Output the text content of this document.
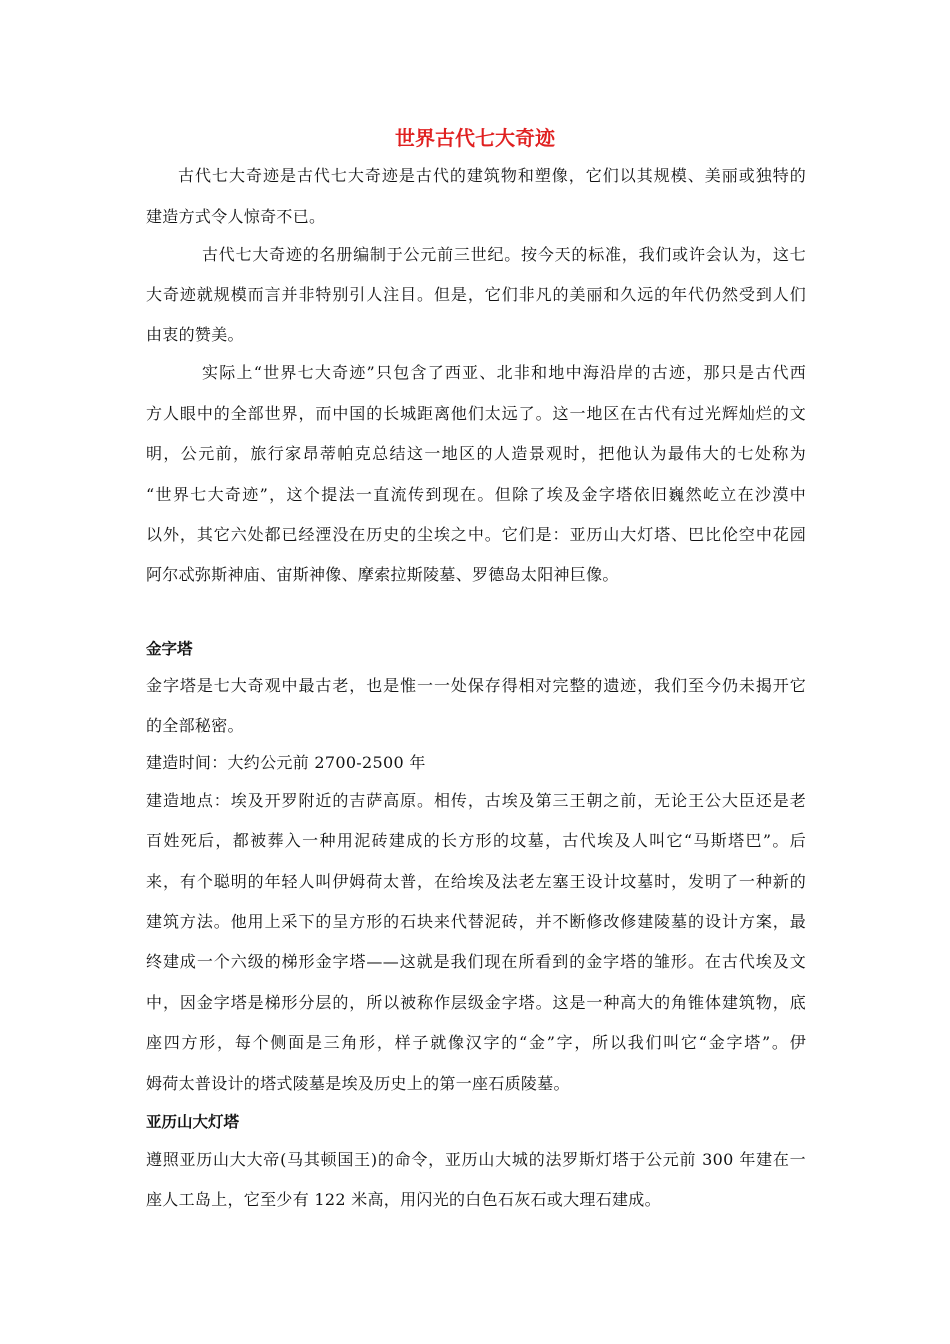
世界古代七大奇迹
古代七大奇迹是古代七大奇迹是古代的建筑物和塑像，它们以其规模、美丽或独特的
建造方式令人惊奇不已。
古代七大奇迹的名册编制于公元前三世纪。按今天的标准，我们或许会认为，这七
大奇迹就规模而言并非特别引人注目。但是，它们非凡的美丽和久远的年代仍然受到人们
由衷的赞美。
实际上“世界七大奇迹”只包含了西亚、北非和地中海沿岸的古迹，那只是古代西
方人眼中的全部世界，而中国的长城距离他们太远了。这一地区在古代有过光辉灿烂的文
明，公元前，旅行家昂蒂帕克总结这一地区的人造景观时，把他认为最伟大的七处称为
“世界七大奇迹”，这个提法一直流传到现在。但除了埃及金字塔依旧巍然屹立在沙漠中
以外，其它六处都已经湮没在历史的尘埃之中。它们是：亚历山大灯塔、巴比伦空中花园
阿尔忒弥斯神庙、宙斯神像、摩索拉斯陵墓、罗德岛太阳神巨像。
金字塔
金字塔是七大奇观中最古老，也是惟一一处保存得相对完整的遗迹，我们至今仍未揭开它
的全部秘密。
建造时间：大约公元前 2700-2500 年
建造地点：埃及开罗附近的吉萨高原。相传，古埃及第三王朝之前，无论王公大臣还是老
百姓死后，都被葬入一种用泥砖建成的长方形的坟墓，古代埃及人叫它“马斯塔巴”。后
来，有个聪明的年轻人叫伊姆荷太普，在给埃及法老左塞王设计坟墓时，发明了一种新的
建筑方法。他用上采下的呈方形的石块来代替泥砖，并不断修改修建陵墓的设计方案，最
终建成一个六级的梯形金字塔——这就是我们现在所看到的金字塔的雏形。在古代埃及文
中，因金字塔是梯形分层的，所以被称作层级金字塔。这是一种高大的角锥体建筑物，底
座四方形，每个侧面是三角形，样子就像汉字的“金”字，所以我们叫它“金字塔”。伊
姆荷太普设计的塔式陵墓是埃及历史上的第一座石质陵墓。
亚历山大灯塔
遵照亚历山大大帝(马其顿国王)的命令，亚历山大城的法罗斯灯塔于公元前 300 年建在一
座人工岛上，它至少有 122 米高，用闪光的白色石灰石或大理石建成。
